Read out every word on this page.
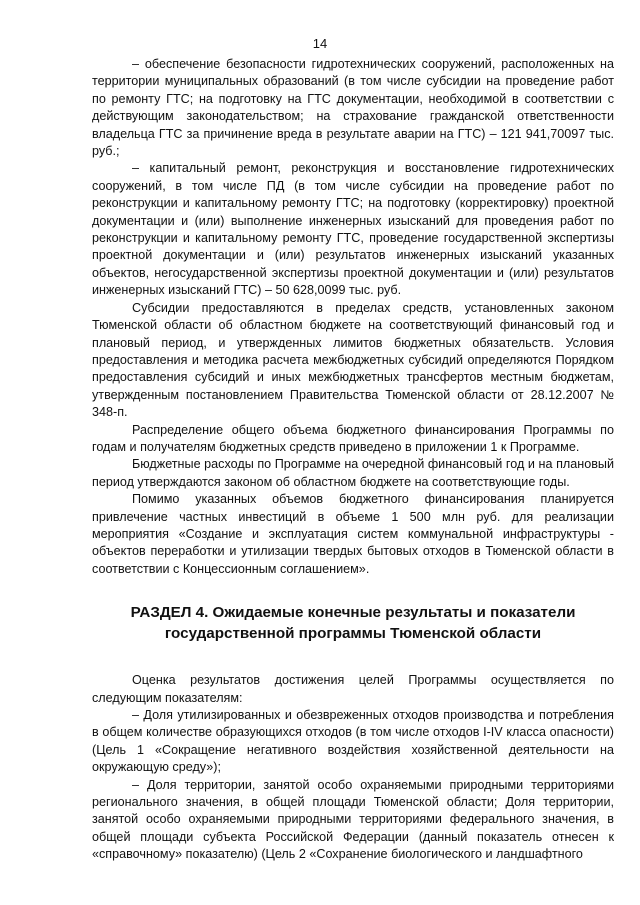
14

– обеспечение безопасности гидротехнических сооружений, расположенных на территории муниципальных образований (в том числе субсидии на проведение работ по ремонту ГТС; на подготовку на ГТС документации, необходимой в соответствии с действующим законодательством; на страхование гражданской ответственности владельца ГТС за причинение вреда в результате аварии на ГТС) – 121 941,70097 тыс. руб.;

– капитальный ремонт, реконструкция и восстановление гидротехнических сооружений, в том числе ПД (в том числе субсидии на проведение работ по реконструкции и капитальному ремонту ГТС; на подготовку (корректировку) проектной документации и (или) выполнение инженерных изысканий для проведения работ по реконструкции и капитальному ремонту ГТС, проведение государственной экспертизы проектной документации и (или) результатов инженерных изысканий указанных объектов, негосударственной экспертизы проектной документации и (или) результатов инженерных изысканий ГТС) – 50 628,0099 тыс. руб.

Субсидии предоставляются в пределах средств, установленных законом Тюменской области об областном бюджете на соответствующий финансовый год и плановый период, и утвержденных лимитов бюджетных обязательств. Условия предоставления и методика расчета межбюджетных субсидий определяются Порядком предоставления субсидий и иных межбюджетных трансфертов местным бюджетам, утвержденным постановлением Правительства Тюменской области от 28.12.2007 № 348-п.

Распределение общего объема бюджетного финансирования Программы по годам и получателям бюджетных средств приведено в приложении 1 к Программе.

Бюджетные расходы по Программе на очередной финансовый год и на плановый период утверждаются законом об областном бюджете на соответствующие годы.

Помимо указанных объемов бюджетного финансирования планируется привлечение частных инвестиций в объеме 1 500 млн руб. для реализации мероприятия «Создание и эксплуатация систем коммунальной инфраструктуры - объектов переработки и утилизации твердых бытовых отходов в Тюменской области в соответствии с Концессионным соглашением».

РАЗДЕЛ 4. Ожидаемые конечные результаты и показатели
государственной программы Тюменской области

Оценка результатов достижения целей Программы осуществляется по следующим показателям:

– Доля утилизированных и обезвреженных отходов производства и потребления в общем количестве образующихся отходов (в том числе отходов I-IV класса опасности) (Цель 1 «Сокращение негативного воздействия хозяйственной деятельности на окружающую среду»);

– Доля территории, занятой особо охраняемыми природными территориями регионального значения, в общей площади Тюменской области; Доля территории, занятой особо охраняемыми природными территориями федерального значения, в общей площади субъекта Российской Федерации (данный показатель отнесен к «справочному» показателю) (Цель 2 «Сохранение биологического и ландшафтного
